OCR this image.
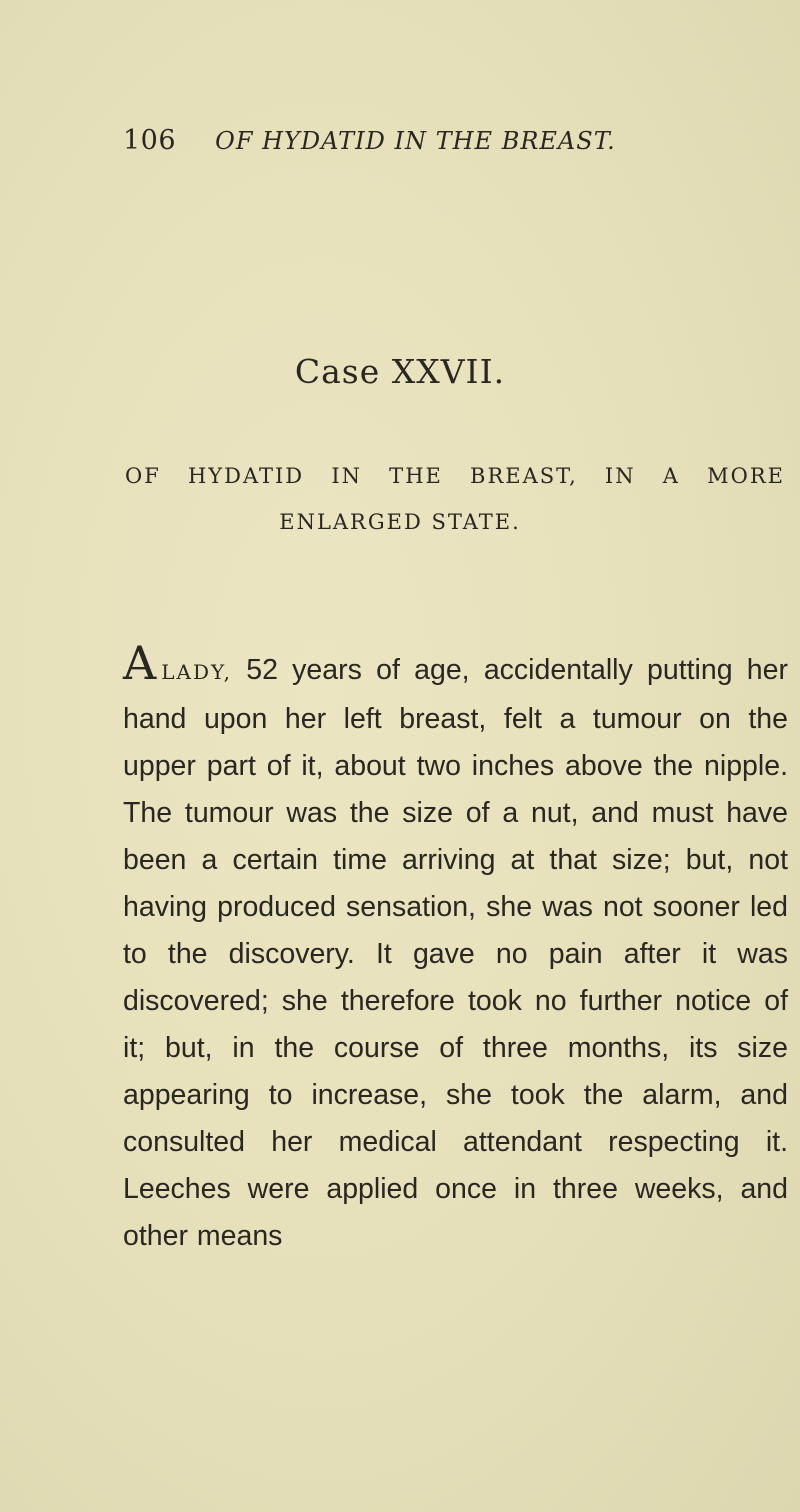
106 OF HYDATID IN THE BREAST.
Case XXVII.
OF HYDATID IN THE BREAST, IN A MORE
ENLARGED STATE.

ALADY, 52 years of age, accidentally putting her hand upon her left breast, felt a tumour on the upper part of it, about two inches above the nipple. The tumour was the size of a nut, and must have been a certain time arriving at that size; but, not having produced sensation, she was not sooner led to the discovery. It gave no pain after it was discovered; she therefore took no further notice of it; but, in the course of three months, its size appearing to increase, she took the alarm, and consulted her medical attendant respecting it. Leeches were applied once in three weeks, and other means
